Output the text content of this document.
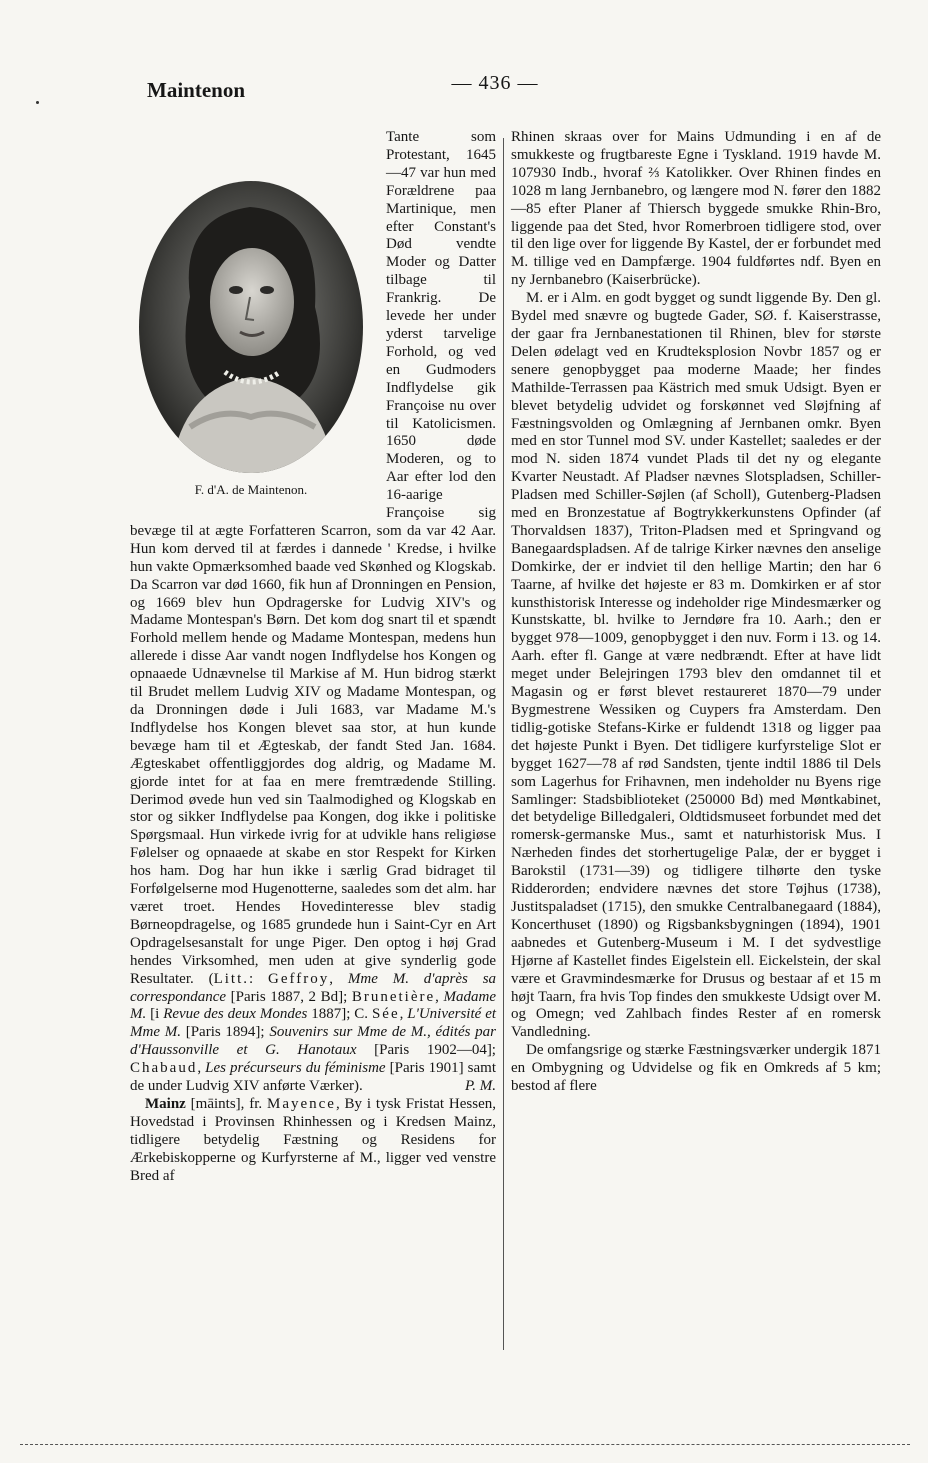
Maintenon	— 436 —
F. d'A. de Maintenon.

Tante som Protestant, 1645—47 var hun med Forældrene paa Martinique, men efter Constant's Død vendte Moder og Datter tilbage til Frankrig. De levede her under yderst tarvelige Forhold, og ved en Gudmoders Indflydelse gik Françoise nu over til Katolicismen. 1650 døde Moderen, og to Aar efter lod den 16-aarige Françoise sig bevæge til at ægte Forfatteren Scarron, som da var 42 Aar. Hun kom derved til at færdes i dannede ' Kredse, i hvilke hun vakte Opmærksomhed baade ved Skønhed og Klogskab. Da Scarron var død 1660, fik hun af Dronningen en Pension, og 1669 blev hun Opdragerske for Ludvig XIV's og Madame Montespan's Børn. Det kom dog snart til et spændt Forhold mellem hende og Madame Montespan, medens hun allerede i disse Aar vandt nogen Indflydelse hos Kongen og opnaaede Udnævnelse til Markise af M. Hun bidrog stærkt til Brudet mellem Ludvig XIV og Madame Montespan, og da Dronningen døde i Juli 1683, var Madame M.'s Indflydelse hos Kongen blevet saa stor, at hun kunde bevæge ham til et Ægteskab, der fandt Sted Jan. 1684. Ægteskabet offentliggjordes dog aldrig, og Madame M. gjorde intet for at faa en mere fremtrædende Stilling. Derimod øvede hun ved sin Taalmodighed og Klogskab en stor og sikker Indflydelse paa Kongen, dog ikke i politiske Spørgsmaal. Hun virkede ivrig for at udvikle hans religiøse Følelser og opnaaede at skabe en stor Respekt for Kirken hos ham. Dog har hun ikke i særlig Grad bidraget til Forfølgelserne mod Hugenotterne, saaledes som det alm. har været troet. Hendes Hovedinteresse blev stadig Børneopdragelse, og 1685 grundede hun i Saint-Cyr en Art Opdragelsesanstalt for unge Piger. Den optog i høj Grad hendes Virksomhed, men uden at give synderlig gode Resultater. (Litt.: Geffroy, Mme M. d'après sa correspondance [Paris 1887, 2 Bd]; Brunetière, Madame M. [i Revue des deux Mondes 1887]; C. Sée, L'Université et Mme M. [Paris 1894]; Souvenirs sur Mme de M., édités par d'Haussonville et G. Hanotaux [Paris 1902—04]; Chabaud, Les précurseurs du féminisme [Paris 1901] samt de under Ludvig XIV anførte Værker).	P. M.

Mainz [māints], fr. Mayence, By i tysk Fristat Hessen, Hovedstad i Provinsen Rhinhessen og i Kredsen Mainz, tidligere betydelig Fæstning og Residens for Ærkebiskopperne og Kurfyrsterne af M., ligger ved venstre Bred af

Rhinen skraas over for Mains Udmunding i en af de smukkeste og frugtbareste Egne i Tyskland. 1919 havde M. 107930 Indb., hvoraf ⅔ Katolikker. Over Rhinen findes en 1028 m lang Jernbanebro, og længere mod N. fører den 1882—85 efter Planer af Thiersch byggede smukke Rhin-Bro, liggende paa det Sted, hvor Romerbroen tidligere stod, over til den lige over for liggende By Kastel, der er forbundet med M. tillige ved en Dampfærge. 1904 fuldførtes ndf. Byen en ny Jernbanebro (Kaiserbrücke).

M. er i Alm. en godt bygget og sundt liggende By. Den gl. Bydel med snævre og bugtede Gader, SØ. f. Kaiserstrasse, der gaar fra Jernbanestationen til Rhinen, blev for største Delen ødelagt ved en Krudteksplosion Novbr 1857 og er senere genopbygget paa moderne Maade; her findes Mathilde-Terrassen paa Kästrich med smuk Udsigt. Byen er blevet betydelig udvidet og forskønnet ved Sløjfning af Fæstningsvolden og Omlægning af Jernbanen omkr. Byen med en stor Tunnel mod SV. under Kastellet; saaledes er der mod N. siden 1874 vundet Plads til det ny og elegante Kvarter Neustadt. Af Pladser nævnes Slotspladsen, Schiller-Pladsen med Schiller-Søjlen (af Scholl), Gutenberg-Pladsen med en Bronzestatue af Bogtrykkerkunstens Opfinder (af Thorvaldsen 1837), Triton-Pladsen med et Springvand og Banegaardspladsen. Af de talrige Kirker nævnes den anselige Domkirke, der er indviet til den hellige Martin; den har 6 Taarne, af hvilke det højeste er 83 m. Domkirken er af stor kunsthistorisk Interesse og indeholder rige Mindesmærker og Kunstskatte, bl. hvilke to Jerndøre fra 10. Aarh.; den er bygget 978—1009, genopbygget i den nuv. Form i 13. og 14. Aarh. efter fl. Gange at være nedbrændt. Efter at have lidt meget under Belejringen 1793 blev den omdannet til et Magasin og er først blevet restaureret 1870—79 under Bygmestrene Wessiken og Cuypers fra Amsterdam. Den tidlig-gotiske Stefans-Kirke er fuldendt 1318 og ligger paa det højeste Punkt i Byen. Det tidligere kurfyrstelige Slot er bygget 1627—78 af rød Sandsten, tjente indtil 1886 til Dels som Lagerhus for Frihavnen, men indeholder nu Byens rige Samlinger: Stadsbiblioteket (250000 Bd) med Møntkabinet, det betydelige Billedgaleri, Oldtidsmuseet forbundet med det romersk-germanske Mus., samt et naturhistorisk Mus. I Nærheden findes det storhertugelige Palæ, der er bygget i Barokstil (1731—39) og tidligere tilhørte den tyske Ridderorden; endvidere nævnes det store Tøjhus (1738), Justitspaladset (1715), den smukke Centralbanegaard (1884), Koncerthuset (1890) og Rigsbanksbygningen (1894), 1901 aabnedes et Gutenberg-Museum i M. I det sydvestlige Hjørne af Kastellet findes Eigelstein ell. Eickelstein, der skal være et Gravmindesmærke for Drusus og bestaar af et 15 m højt Taarn, fra hvis Top findes den smukkeste Udsigt over M. og Omegn; ved Zahlbach findes Rester af en romersk Vandledning.

De omfangsrige og stærke Fæstningsværker undergik 1871 en Ombygning og Udvidelse og fik en Omkreds af 5 km; bestod af flere
